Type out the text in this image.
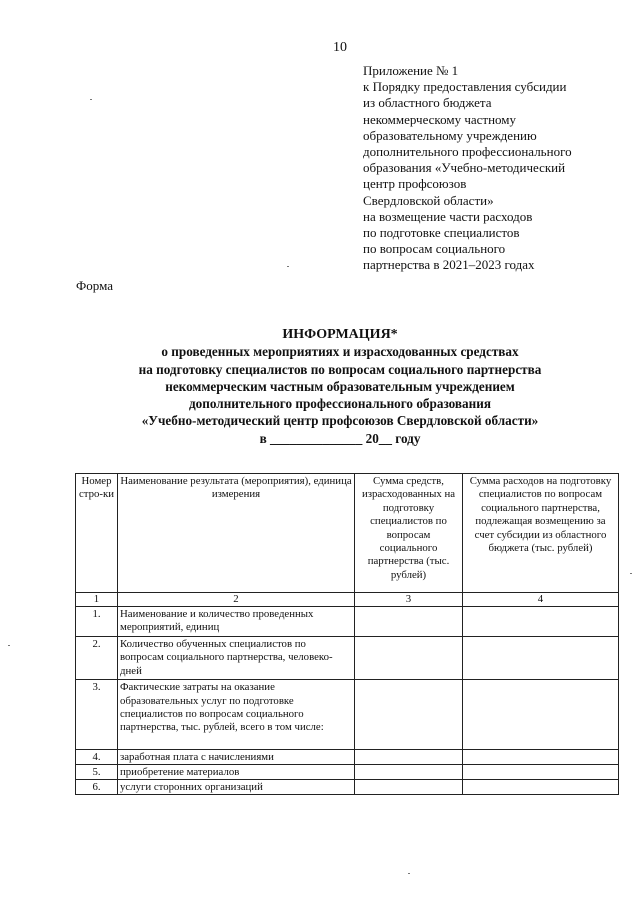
10
Приложение № 1
к Порядку предоставления субсидии
из областного бюджета
некоммерческому частному
образовательному учреждению
дополнительного профессионального
образования «Учебно-методический
центр профсоюзов
Свердловской области»
на возмещение части расходов
по подготовке специалистов
по вопросам социального
партнерства в 2021–2023 годах
Форма
ИНФОРМАЦИЯ*
о проведенных мероприятиях и израсходованных средствах
на подготовку специалистов по вопросам социального партнерства
некоммерческим частным образовательным учреждением
дополнительного профессионального образования
«Учебно-методический центр профсоюзов Свердловской области»
в ______________ 20__ году
Номер стро-ки	Наименование результата (мероприятия), единица измерения	Сумма средств, израсходованных на подготовку специалистов по вопросам социального партнерства (тыс. рублей)	Сумма расходов на подготовку специалистов по вопросам социального партнерства, подлежащая возмещению за счет субсидии из областного бюджета (тыс. рублей)
1	2	3	4
1.	Наименование и количество проведенных мероприятий, единиц		
2.	Количество обученных специалистов по вопросам социального партнерства, человеко-дней		
3.	Фактические затраты на оказание образовательных услуг по подготовке специалистов по вопросам социального партнерства, тыс. рублей, всего в том числе:		
4.	заработная плата с начислениями		
5.	приобретение материалов		
6.	услуги сторонних организаций		
